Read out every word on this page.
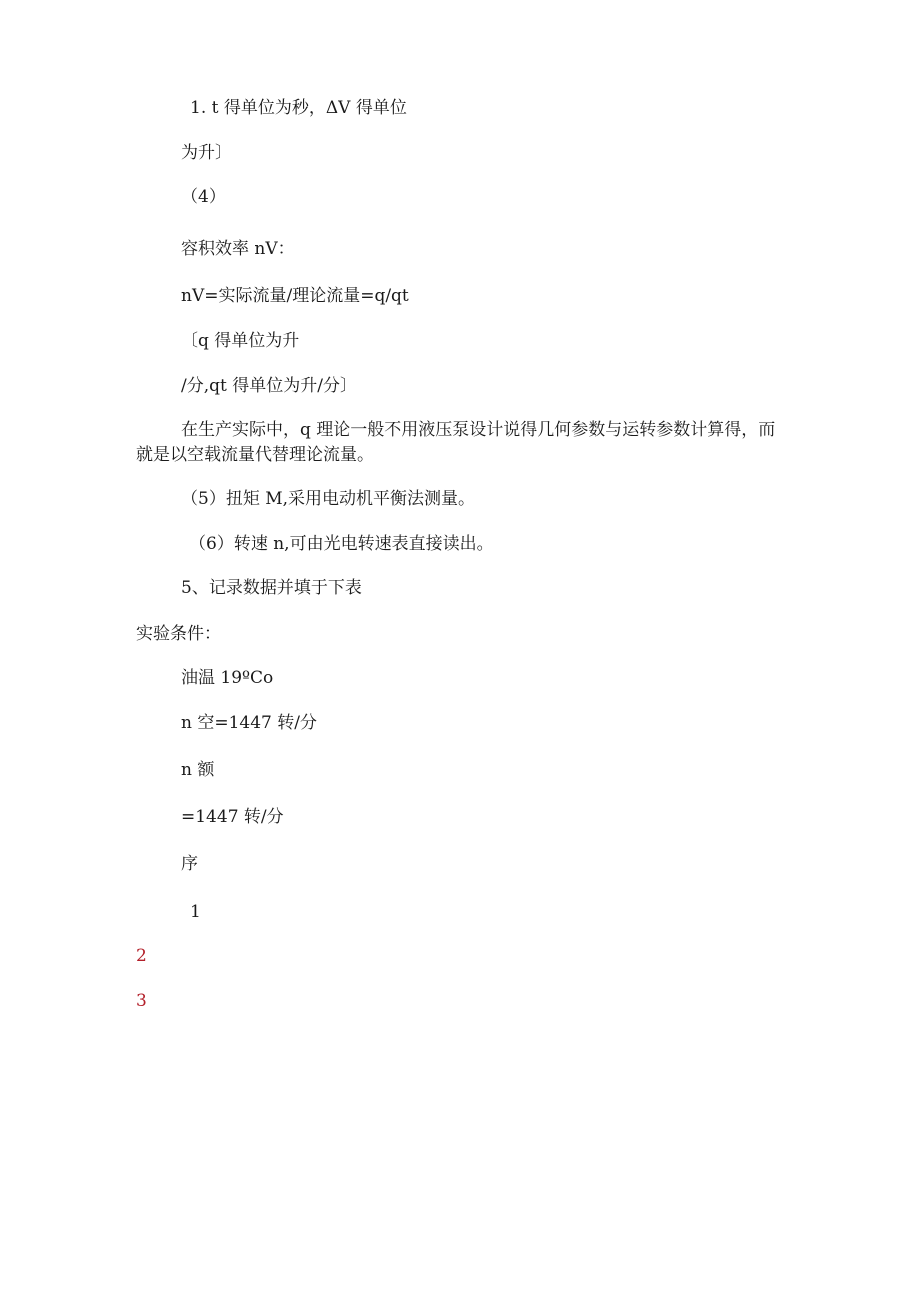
1. t 得单位为秒，ΔV 得单位
为升〕
（4）
容积效率 nV：
nV=实际流量/理论流量=q/qt
〔q 得单位为升
/分,qt 得单位为升/分〕
在生产实际中，q 理论一般不用液压泵设计说得几何参数与运转参数计算得，而就是以空载流量代替理论流量。
（5）扭矩 M,采用电动机平衡法测量。
（6）转速 n,可由光电转速表直接读出。
5、记录数据并填于下表
实验条件：
油温 19ºCo
n 空=1447 转/分
n 额
=1447 转/分
序
1
2
3
